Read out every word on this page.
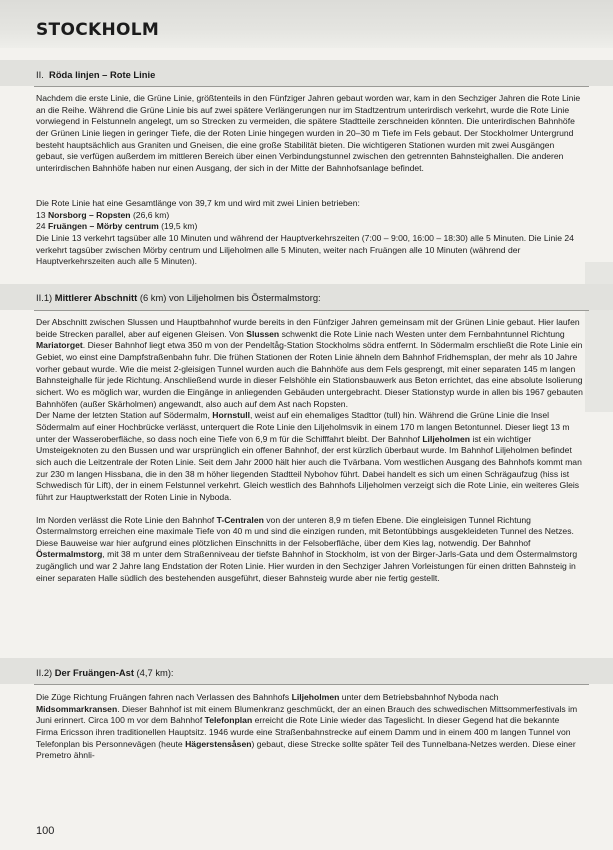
STOCKHOLM
II. Röda linjen – Rote Linie

Nachdem die erste Linie, die Grüne Linie, größtenteils in den Fünfziger Jahren gebaut worden war, kam in den Sechziger Jahren die Rote Linie an die Reihe. Während die Grüne Linie bis auf zwei spätere Verlängerungen nur im Stadtzentrum unterirdisch verkehrt, wurde die Rote Linie vorwiegend in Felstunneln angelegt, um so Strecken zu vermeiden, die spätere Stadtteile zerschneiden könnten. Die unterirdischen Bahnhöfe der Grünen Linie liegen in geringer Tiefe, die der Roten Linie hingegen wurden in 20–30 m Tiefe im Fels gebaut. Der Stockholmer Untergrund besteht hauptsächlich aus Graniten und Gneisen, die eine große Stabilität bieten. Die wichtigeren Stationen wurden mit zwei Ausgängen gebaut, sie verfügen außerdem im mittleren Bereich über einen Verbindungstunnel zwischen den getrennten Bahnsteighallen. Die anderen unterirdischen Bahnhöfe haben nur einen Ausgang, der sich in der Mitte der Bahnhofsanlage befindet.

Die Rote Linie hat eine Gesamtlänge von 39,7 km und wird mit zwei Linien betrieben:

13 Norsborg – Ropsten (26,6 km)

24 Fruängen – Mörby centrum (19,5 km)

Die Linie 13 verkehrt tagsüber alle 10 Minuten und während der Hauptverkehrszeiten (7:00 – 9:00, 16:00 – 18:30) alle 5 Minuten. Die Linie 24 verkehrt tagsüber zwischen Mörby centrum und Liljeholmen alle 5 Minuten, weiter nach Fruängen alle 10 Minuten (während der Hauptverkehrszeiten auch alle 5 Minuten).

II.1) Mittlerer Abschnitt (6 km) von Liljeholmen bis Östermalmstorg:

Der Abschnitt zwischen Slussen und Hauptbahnhof wurde bereits in den Fünfziger Jahren gemeinsam mit der Grünen Linie gebaut. Hier laufen beide Strecken parallel, aber auf eigenen Gleisen. Von Slussen schwenkt die Rote Linie nach Westen unter dem Fernbahntunnel Richtung Mariatorget. Dieser Bahnhof liegt etwa 350 m von der Pendeltåg-Station Stockholms södra entfernt. In Södermalm erschließt die Rote Linie ein Gebiet, wo einst eine Dampfstraßenbahn fuhr. Die frühen Stationen der Roten Linie ähneln dem Bahnhof Fridhemsplan, der mehr als 10 Jahre vorher gebaut wurde. Wie die meist 2-gleisigen Tunnel wurden auch die Bahnhöfe aus dem Fels gesprengt, mit einer separaten 145 m langen Bahnsteighalle für jede Richtung. Anschließend wurde in dieser Felshöhle ein Stationsbauwerk aus Beton errichtet, das eine absolute Isolierung sichert. Wo es möglich war, wurden die Eingänge in anliegenden Gebäuden untergebracht. Dieser Stationstyp wurde in allen bis 1967 gebauten Bahnhöfen (außer Skärholmen) angewandt, also auch auf dem Ast nach Ropsten.

Der Name der letzten Station auf Södermalm, Hornstull, weist auf ein ehemaliges Stadttor (tull) hin. Während die Grüne Linie die Insel Södermalm auf einer Hochbrücke verlässt, unterquert die Rote Linie den Liljeholmsvik in einem 170 m langen Betontunnel. Dieser liegt 13 m unter der Wasseroberfläche, so dass noch eine Tiefe von 6,9 m für die Schifffahrt bleibt. Der Bahnhof Liljeholmen ist ein wichtiger Umsteigeknoten zu den Bussen und war ursprünglich ein offener Bahnhof, der erst kürzlich überbaut wurde. Im Bahnhof Liljeholmen befindet sich auch die Leitzentrale der Roten Linie. Seit dem Jahr 2000 hält hier auch die Tvärbana. Vom westlichen Ausgang des Bahnhofs kommt man zur 230 m langen Hissbana, die in den 38 m höher liegenden Stadtteil Nybohov führt. Dabei handelt es sich um einen Schrägaufzug (hiss ist Schwedisch für Lift), der in einem Felstunnel verkehrt. Gleich westlich des Bahnhofs Liljeholmen verzeigt sich die Rote Linie, ein weiteres Gleis führt zur Hauptwerkstatt der Roten Linie in Nyboda.

Im Norden verlässt die Rote Linie den Bahnhof T-Centralen von der unteren 8,9 m tiefen Ebene. Die eingleisigen Tunnel Richtung Östermalmstorg erreichen eine maximale Tiefe von 40 m und sind die einzigen runden, mit Betontübbings ausgekleideten Tunnel des Netzes. Diese Bauweise war hier aufgrund eines plötzlichen Einschnitts in der Felsoberfläche, über dem Kies lag, notwendig. Der Bahnhof Östermalmstorg, mit 38 m unter dem Straßenniveau der tiefste Bahnhof in Stockholm, ist von der Birger-Jarls-Gata und dem Östermalmstorg zugänglich und war 2 Jahre lang Endstation der Roten Linie. Hier wurden in den Sechziger Jahren Vorleistungen für einen dritten Bahnsteig in einer separaten Halle südlich des bestehenden ausgeführt, dieser Bahnsteig wurde aber nie fertig gestellt.

II.2) Der Fruängen-Ast (4,7 km):

Die Züge Richtung Fruängen fahren nach Verlassen des Bahnhofs Liljeholmen unter dem Betriebsbahnhof Nyboda nach Midsommarkransen. Dieser Bahnhof ist mit einem Blumenkranz geschmückt, der an einen Brauch des schwedischen Mittsommerfestivals im Juni erinnert. Circa 100 m vor dem Bahnhof Telefonplan erreicht die Rote Linie wieder das Tageslicht. In dieser Gegend hat die bekannte Firma Ericsson ihren traditionellen Hauptsitz. 1946 wurde eine Straßenbahnstrecke auf einem Damm und in einem 400 m langen Tunnel von Telefonplan bis Personnevägen (heute Hägerstensåsen) gebaut, diese Strecke sollte später Teil des Tunnelbana-Netzes werden. Diese einer Premetro ähnli-

100
